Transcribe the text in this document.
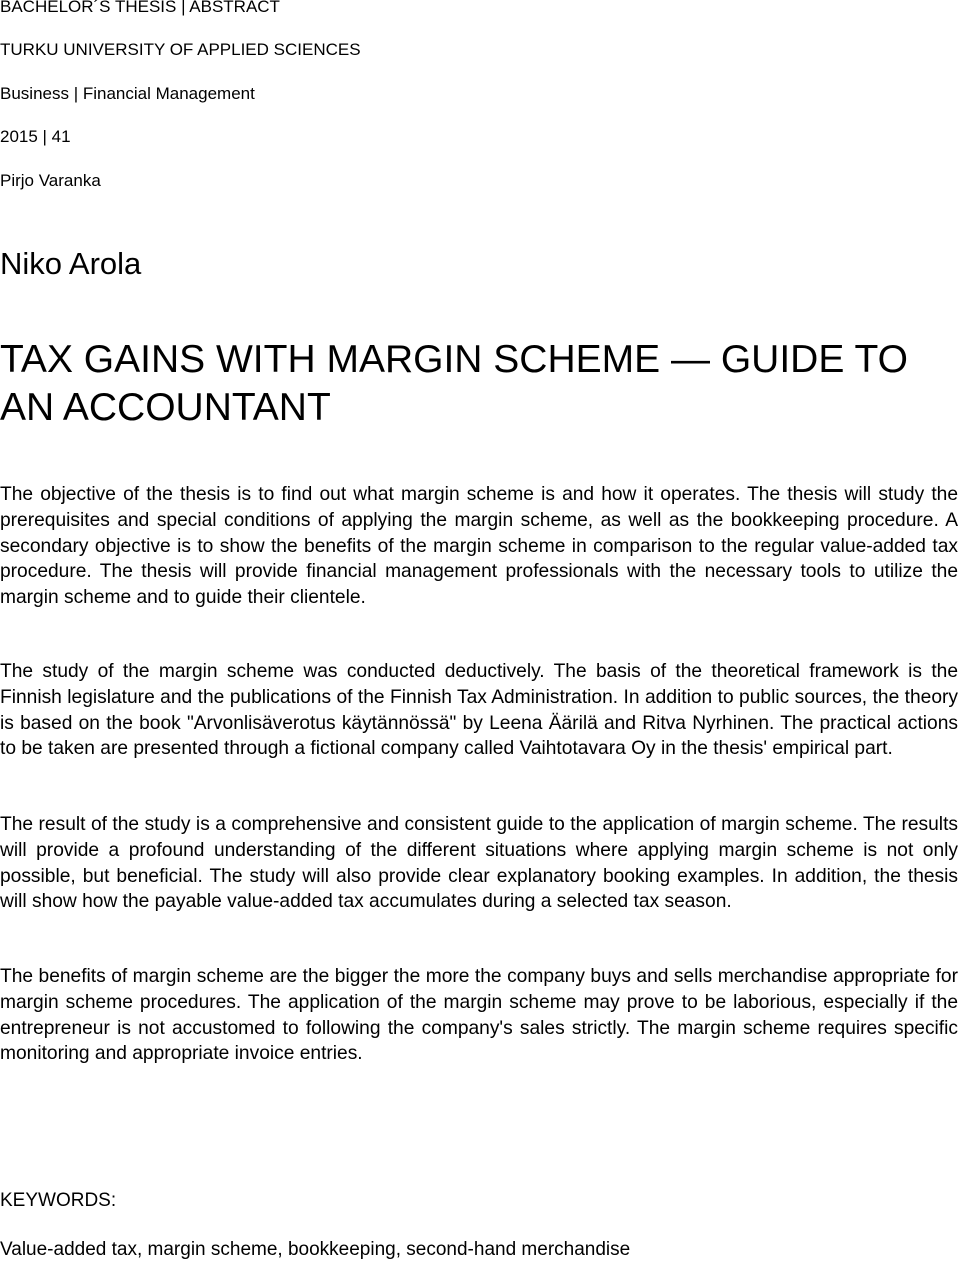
BACHELOR´S THESIS | ABSTRACT
TURKU UNIVERSITY OF APPLIED SCIENCES
Business | Financial Management
2015 | 41
Pirjo Varanka
Niko Arola
TAX GAINS WITH MARGIN SCHEME — GUIDE TO AN ACCOUNTANT

The objective of the thesis is to find out what margin scheme is and how it operates. The thesis will study the prerequisites and special conditions of applying the margin scheme, as well as the bookkeeping procedure. A secondary objective is to show the benefits of the margin scheme in comparison to the regular value-added tax procedure. The thesis will provide financial management professionals with the necessary tools to utilize the margin scheme and to guide their clientele.

The study of the margin scheme was conducted deductively. The basis of the theoretical framework is the Finnish legislature and the publications of the Finnish Tax Administration. In addition to public sources, the theory is based on the book "Arvonlisäverotus käytännössä" by Leena Äärilä and Ritva Nyrhinen. The practical actions to be taken are presented through a fictional company called Vaihtotavara Oy in the thesis' empirical part.

The result of the study is a comprehensive and consistent guide to the application of margin scheme. The results will provide a profound understanding of the different situations where applying margin scheme is not only possible, but beneficial. The study will also provide clear explanatory booking examples. In addition, the thesis will show how the payable value-added tax accumulates during a selected tax season.

The benefits of margin scheme are the bigger the more the company buys and sells merchandise appropriate for margin scheme procedures. The application of the margin scheme may prove to be laborious, especially if the entrepreneur is not accustomed to following the company's sales strictly. The margin scheme requires specific monitoring and appropriate invoice entries.

KEYWORDS:
Value-added tax, margin scheme, bookkeeping, second-hand merchandise
